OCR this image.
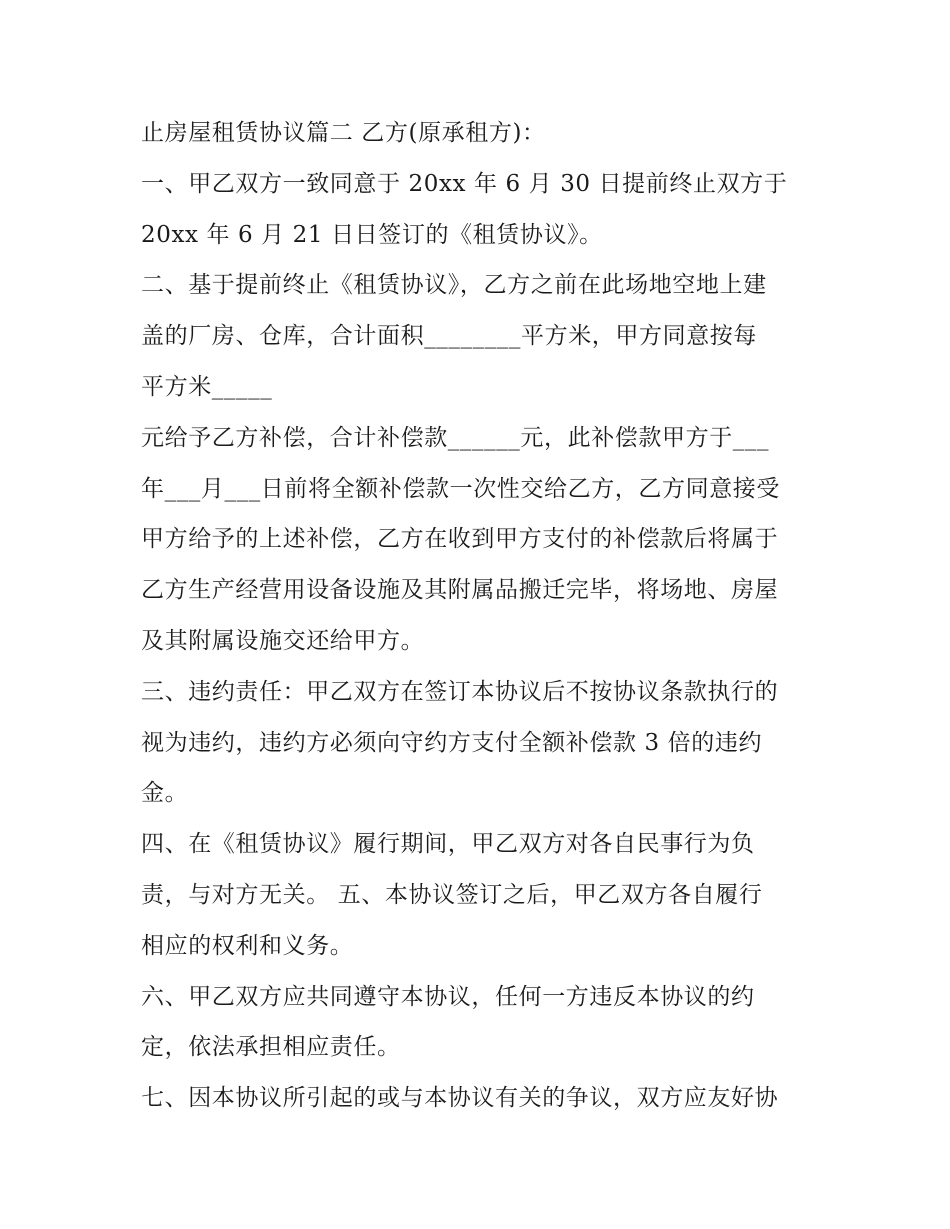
止房屋租赁协议篇二 乙方(原承租方)：
一、甲乙双方一致同意于 20xx 年 6 月 30 日提前终止双方于
20xx 年 6 月 21 日日签订的《租赁协议》。
二、基于提前终止《租赁协议》，乙方之前在此场地空地上建
盖的厂房、仓库，合计面积________平方米，甲方同意按每
平方米_____
元给予乙方补偿，合计补偿款______元，此补偿款甲方于___
年___月___日前将全额补偿款一次性交给乙方，乙方同意接受
甲方给予的上述补偿，乙方在收到甲方支付的补偿款后将属于
乙方生产经营用设备设施及其附属品搬迁完毕，将场地、房屋
及其附属设施交还给甲方。
三、违约责任：甲乙双方在签订本协议后不按协议条款执行的
视为违约，违约方必须向守约方支付全额补偿款 3 倍的违约
金。
四、在《租赁协议》履行期间，甲乙双方对各自民事行为负
责，与对方无关。 五、本协议签订之后，甲乙双方各自履行
相应的权利和义务。
六、甲乙双方应共同遵守本协议，任何一方违反本协议的约
定，依法承担相应责任。
七、因本协议所引起的或与本协议有关的争议，双方应友好协
